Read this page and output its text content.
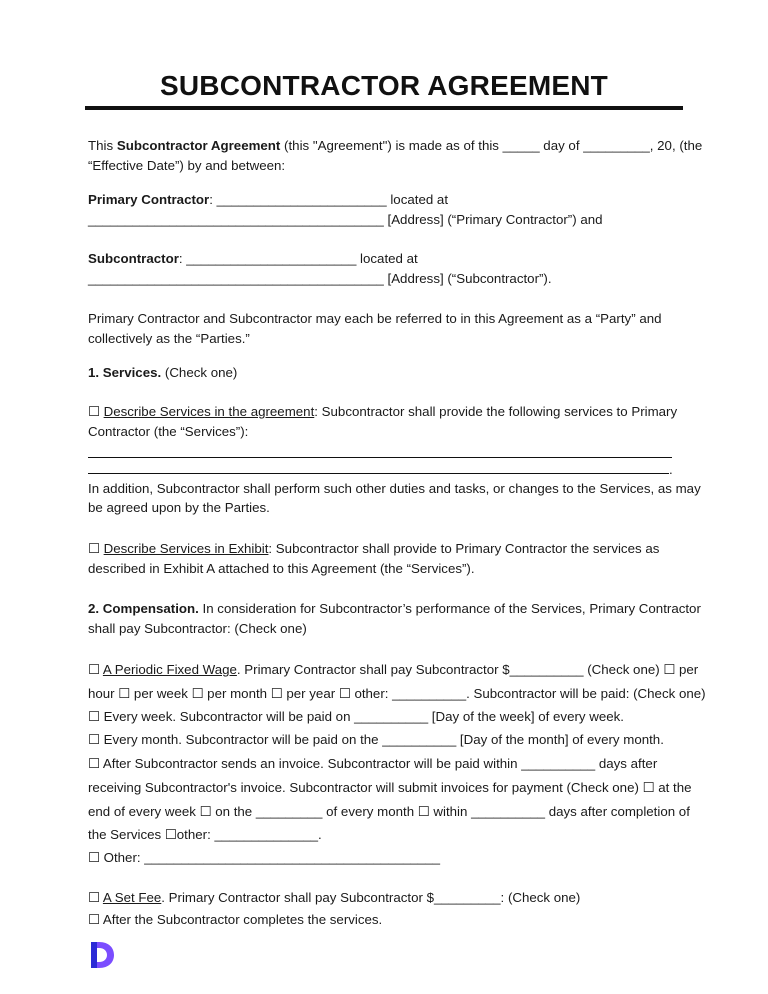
SUBCONTRACTOR AGREEMENT
This Subcontractor Agreement (this "Agreement") is made as of this _____ day of _________, 20, (the
“Effective Date”) by and between:
Primary Contractor: _______________________ located at
________________________________________ [Address] (“Primary Contractor”) and
Subcontractor: _______________________ located at
________________________________________ [Address] (“Subcontractor”).
Primary Contractor and Subcontractor may each be referred to in this Agreement as a “Party” and
collectively as the “Parties.”
1. Services. (Check one)
☐ Describe Services in the agreement: Subcontractor shall provide the following services to Primary
Contractor (the “Services”):
.
In addition, Subcontractor shall perform such other duties and tasks, or changes to the Services, as may
be agreed upon by the Parties.
☐ Describe Services in Exhibit: Subcontractor shall provide to Primary Contractor the services as
described in Exhibit A attached to this Agreement (the “Services”).
2. Compensation. In consideration for Subcontractor’s performance of the Services, Primary Contractor
shall pay Subcontractor: (Check one)
☐ A Periodic Fixed Wage. Primary Contractor shall pay Subcontractor $__________ (Check one) ☐ per
hour ☐ per week ☐ per month ☐ per year ☐ other: __________. Subcontractor will be paid: (Check one)
☐ Every week. Subcontractor will be paid on __________ [Day of the week] of every week.
☐ Every month. Subcontractor will be paid on the __________ [Day of the month] of every month.
☐ After Subcontractor sends an invoice. Subcontractor will be paid within __________ days after
receiving Subcontractor's invoice. Subcontractor will submit invoices for payment (Check one) ☐ at the
end of every week ☐ on the _________ of every month ☐ within __________ days after completion of
the Services ☐other: ______________.
☐ Other: ________________________________________
☐ A Set Fee. Primary Contractor shall pay Subcontractor $_________: (Check one)
☐ After the Subcontractor completes the services.
